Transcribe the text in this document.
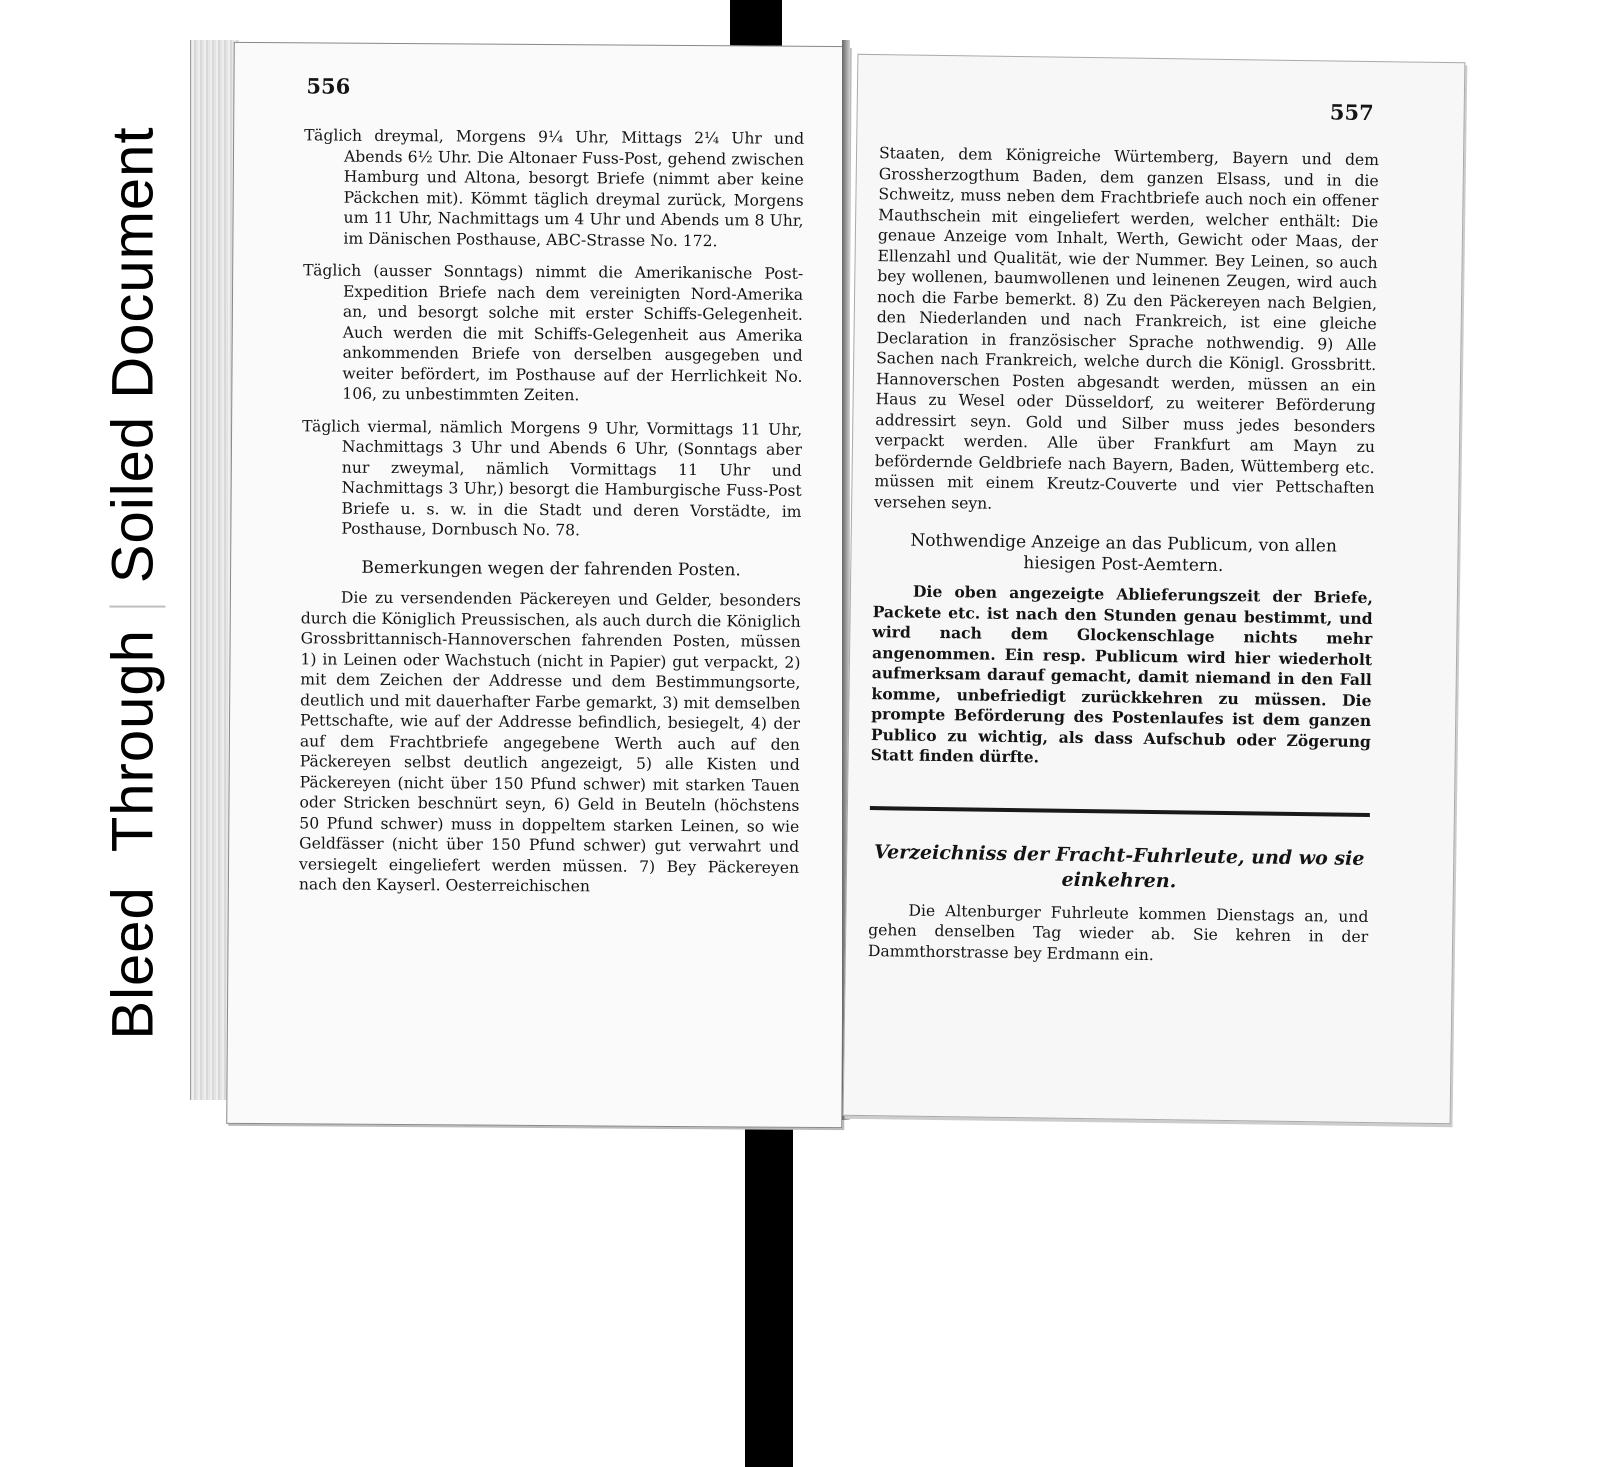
Bleed ThroughSoiled Document
556

Täglich dreymal, Morgens 9¼ Uhr, Mittags 2¼ Uhr und Abends 6½ Uhr. Die Altonaer Fuss-Post, gehend zwischen Hamburg und Altona, besorgt Briefe (nimmt aber keine Päckchen mit). Kömmt täglich dreymal zurück, Morgens um 11 Uhr, Nachmittags um 4 Uhr und Abends um 8 Uhr, im Dänischen Posthause, ABC-Strasse No. 172.

Täglich (ausser Sonntags) nimmt die Amerikanische Post-Expedition Briefe nach dem vereinigten Nord-Amerika an, und besorgt solche mit erster Schiffs-Gelegenheit. Auch werden die mit Schiffs-Gelegenheit aus Amerika ankommenden Briefe von derselben ausgegeben und weiter befördert, im Posthause auf der Herrlichkeit No. 106, zu unbestimmten Zeiten.

Täglich viermal, nämlich Morgens 9 Uhr, Vormittags 11 Uhr, Nachmittags 3 Uhr und Abends 6 Uhr, (Sonntags aber nur zweymal, nämlich Vormittags 11 Uhr und Nachmittags 3 Uhr,) besorgt die Hamburgische Fuss-Post Briefe u. s. w. in die Stadt und deren Vorstädte, im Posthause, Dornbusch No. 78.

Bemerkungen wegen der fahrenden Posten.

Die zu versendenden Päckereyen und Gelder, besonders durch die Königlich Preussischen, als auch durch die Königlich Grossbrittannisch-Hannoverschen fahrenden Posten, müssen 1) in Leinen oder Wachstuch (nicht in Papier) gut verpackt, 2) mit dem Zeichen der Addresse und dem Bestimmungsorte, deutlich und mit dauerhafter Farbe gemarkt, 3) mit demselben Pettschafte, wie auf der Addresse befindlich, besiegelt, 4) der auf dem Frachtbriefe angegebene Werth auch auf den Päckereyen selbst deutlich angezeigt, 5) alle Kisten und Päckereyen (nicht über 150 Pfund schwer) mit starken Tauen oder Stricken beschnürt seyn, 6) Geld in Beuteln (höchstens 50 Pfund schwer) muss in doppeltem starken Leinen, so wie Geldfässer (nicht über 150 Pfund schwer) gut verwahrt und versiegelt eingeliefert werden müssen. 7) Bey Päckereyen nach den Kayserl. Oesterreichischen

557

Staaten, dem Königreiche Würtemberg, Bayern und dem Grossherzogthum Baden, dem ganzen Elsass, und in die Schweitz, muss neben dem Frachtbriefe auch noch ein offener Mauthschein mit eingeliefert werden, welcher enthält: Die genaue Anzeige vom Inhalt, Werth, Gewicht oder Maas, der Ellenzahl und Qualität, wie der Nummer. Bey Leinen, so auch bey wollenen, baumwollenen und leinenen Zeugen, wird auch noch die Farbe bemerkt. 8) Zu den Päckereyen nach Belgien, den Niederlanden und nach Frankreich, ist eine gleiche Declaration in französischer Sprache nothwendig. 9) Alle Sachen nach Frankreich, welche durch die Königl. Grossbritt. Hannoverschen Posten abgesandt werden, müssen an ein Haus zu Wesel oder Düsseldorf, zu weiterer Beförderung addressirt seyn. Gold und Silber muss jedes besonders verpackt werden. Alle über Frankfurt am Mayn zu befördernde Geldbriefe nach Bayern, Baden, Wüttemberg etc. müssen mit einem Kreutz-Couverte und vier Pettschaften versehen seyn.

Nothwendige Anzeige an das Publicum, von allen hiesigen Post-Aemtern.

Die oben angezeigte Ablieferungszeit der Briefe, Packete etc. ist nach den Stunden genau bestimmt, und wird nach dem Glockenschlage nichts mehr angenommen. Ein resp. Publicum wird hier wiederholt aufmerksam darauf gemacht, damit niemand in den Fall komme, unbefriedigt zurückkehren zu müssen. Die prompte Beförderung des Postenlaufes ist dem ganzen Publico zu wichtig, als dass Aufschub oder Zögerung Statt finden dürfte.

Verzeichniss der Fracht-Fuhrleute, und wo sie einkehren.

Die Altenburger Fuhrleute kommen Dienstags an, und gehen denselben Tag wieder ab. Sie kehren in der Dammthorstrasse bey Erdmann ein.
